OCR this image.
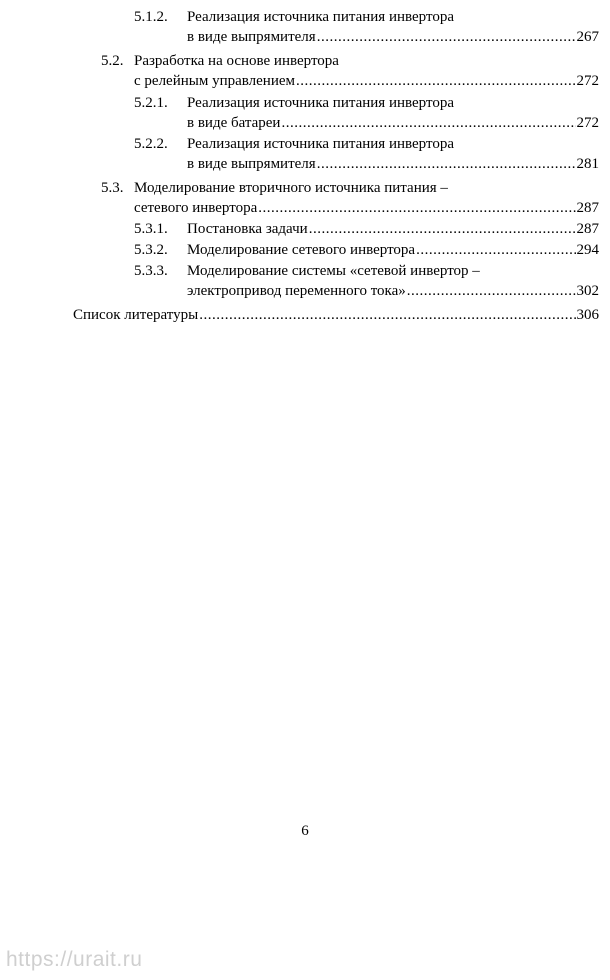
5.1.2. Реализация источника питания инвертора
в виде выпрямителя .....	267
5.2. Разработка на основе инвертора
с релейным управлением .....	272
5.2.1. Реализация источника питания инвертора
в виде батареи .....	272
5.2.2. Реализация источника питания инвертора
в виде выпрямителя .....	281
5.3. Моделирование вторичного источника питания –
сетевого инвертора .....	287
5.3.1. Постановка задачи .....	287
5.3.2. Моделирование сетевого инвертора .....	294
5.3.3. Моделирование системы «сетевой инвертор –
электропривод переменного тока» .....	302
Список литературы .....	306
6
https://urait.ru
